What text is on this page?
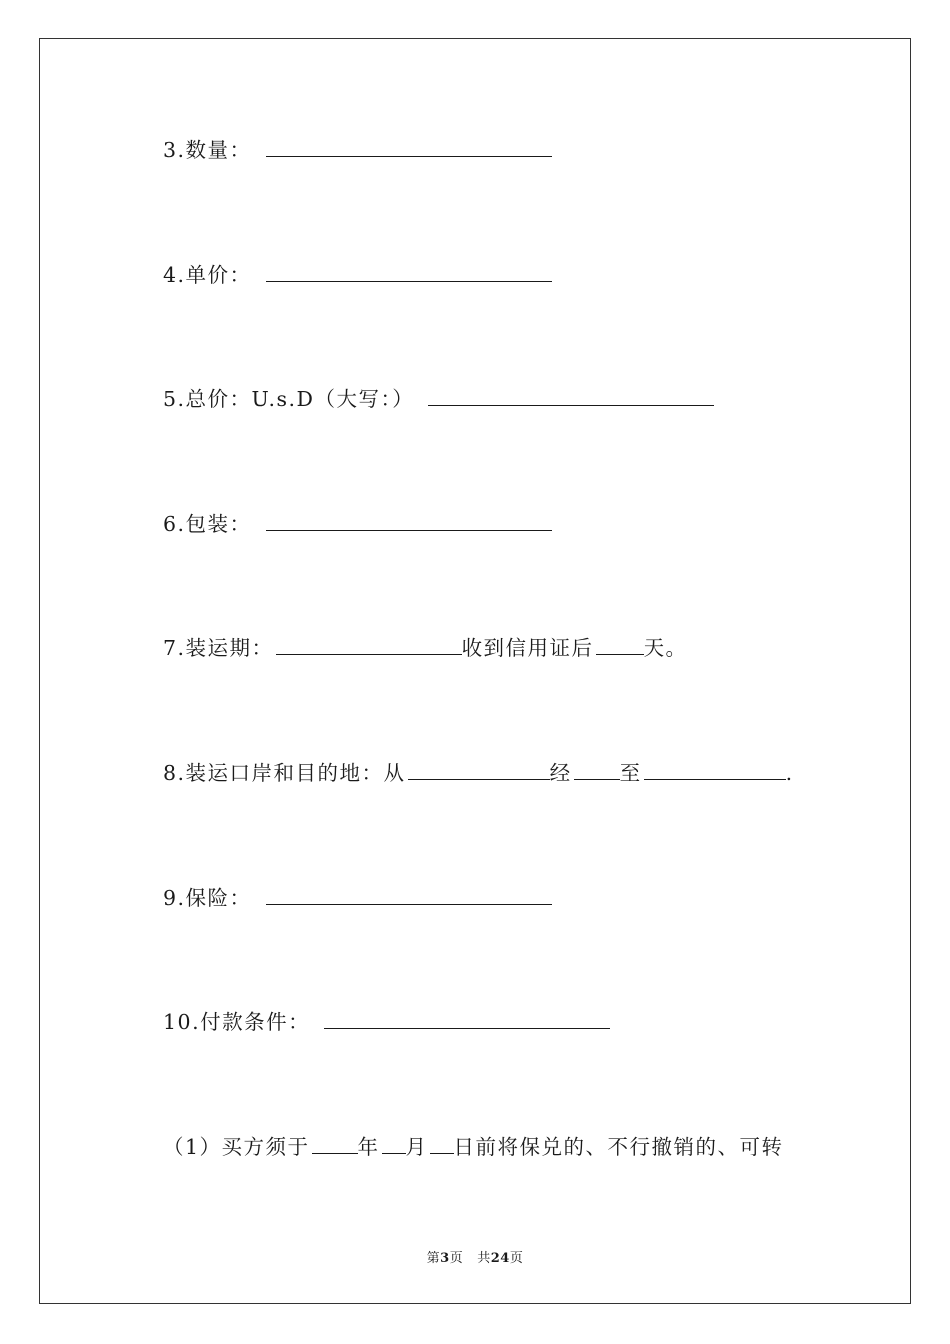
3.数量：
4.单价：
5.总价：U.s.D（大写：）
6.包装：
7.装运期：	收到信用证后 天。
8.装运口岸和目的地：从	经 至	.
9.保险：
10.付款条件：
（1）买方须于 年 月 日前将保兑的、不行撤销的、可转
第3页 共24页
